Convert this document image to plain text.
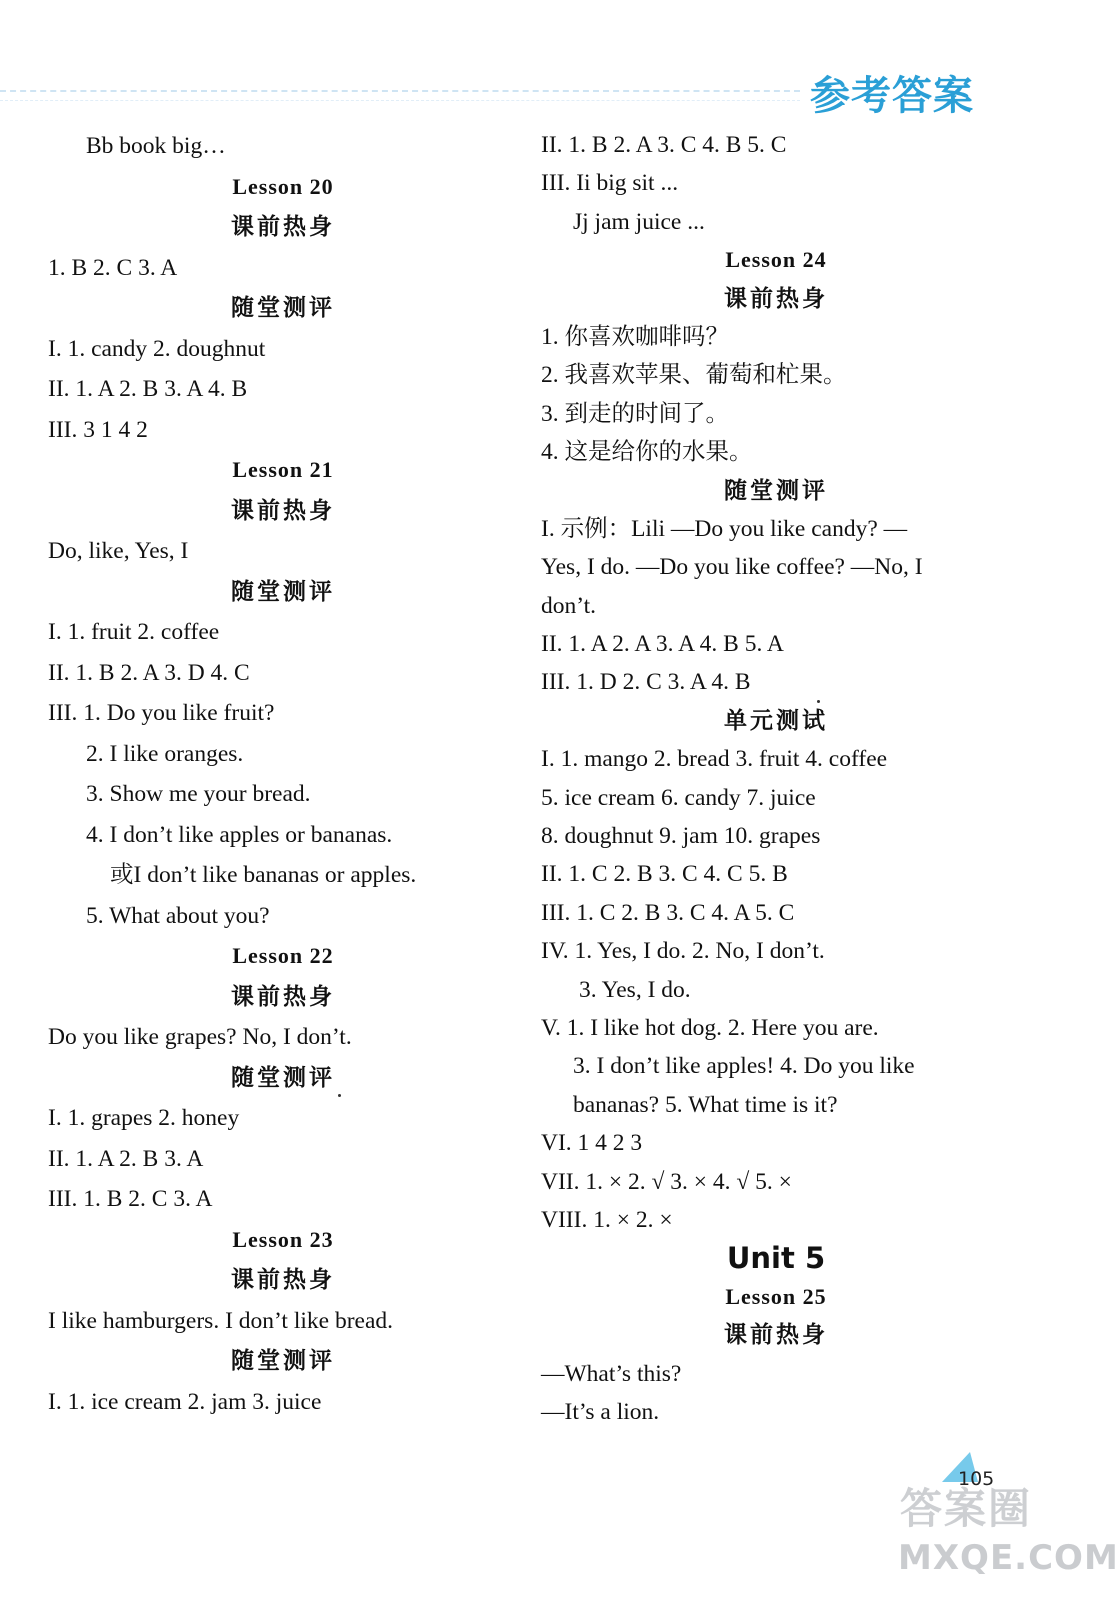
参考答案
Bb book big…
Lesson 20
课前热身
1. B 2. C 3. A
随堂测评
I. 1. candy 2. doughnut
II. 1. A 2. B 3. A 4. B
III. 3 1 4 2
Lesson 21
课前热身
Do, like, Yes, I
随堂测评
I. 1. fruit 2. coffee
II. 1. B 2. A 3. D 4. C
III. 1. Do you like fruit?
2. I like oranges.
3. Show me your bread.
4. I don’t like apples or bananas.
或I don’t like bananas or apples.
5. What about you?
Lesson 22
课前热身
Do you like grapes? No, I don’t.
随堂测评
I. 1. grapes 2. honey
II. 1. A 2. B 3. A
III. 1. B 2. C 3. A
Lesson 23
课前热身
I like hamburgers. I don’t like bread.
随堂测评
I. 1. ice cream 2. jam 3. juice
II. 1. B 2. A 3. C 4. B 5. C
III. Ii big sit ...
Jj jam juice ...
Lesson 24
课前热身
1. 你喜欢咖啡吗？
2. 我喜欢苹果、葡萄和杧果。
3. 到走的时间了。
4. 这是给你的水果。
随堂测评
I. 示例：Lili —Do you like candy? —
Yes, I do. —Do you like coffee? —No, I
don’t.
II. 1. A 2. A 3. A 4. B 5. A
III. 1. D 2. C 3. A 4. B
单元测试
I. 1. mango 2. bread 3. fruit 4. coffee
5. ice cream 6. candy 7. juice
8. doughnut 9. jam 10. grapes
II. 1. C 2. B 3. C 4. C 5. B
III. 1. C 2. B 3. C 4. A 5. C
IV. 1. Yes, I do. 2. No, I don’t.
3. Yes, I do.
V. 1. I like hot dog. 2. Here you are.
3. I don’t like apples! 4. Do you like
bananas? 5. What time is it?
VI. 1 4 2 3
VII. 1. × 2. √ 3. × 4. √ 5. ×
VIII. 1. × 2. ×
Unit 5
Lesson 25
课前热身
—What’s this?
—It’s a lion.
105
答案圈
MXQE.COM
